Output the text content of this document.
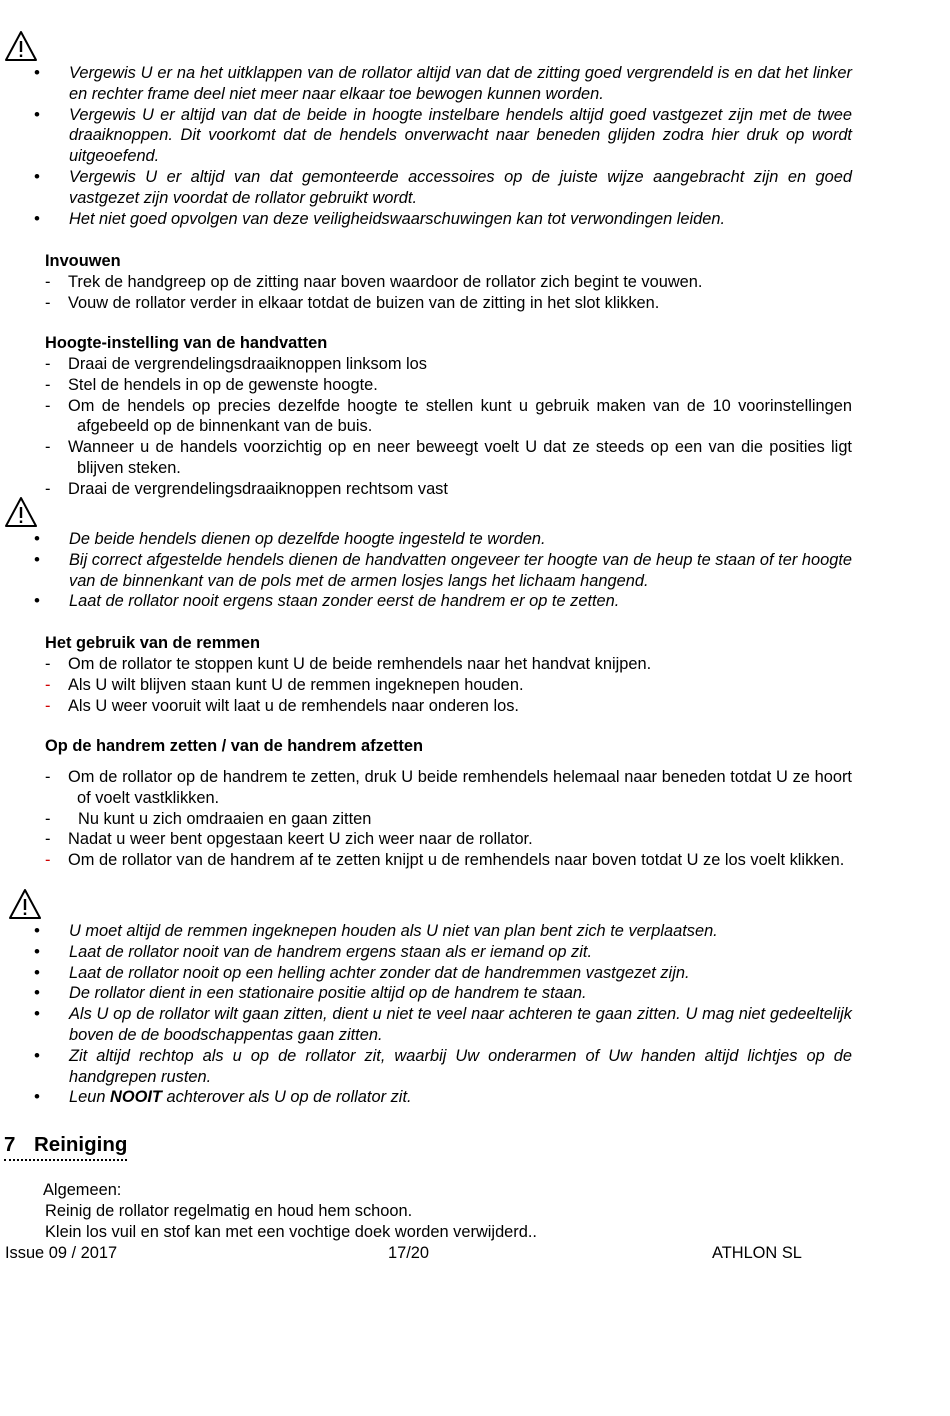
• Vergewis U er na het uitklappen van de rollator altijd van dat de zitting goed vergrendeld is en dat het linker en rechter frame deel niet meer naar elkaar toe bewogen kunnen worden.
• Vergewis U er altijd van dat de beide in hoogte instelbare hendels altijd goed vastgezet zijn met de twee draaiknoppen. Dit voorkomt dat de hendels onverwacht naar beneden glijden zodra hier druk op wordt uitgeoefend.
• Vergewis U er altijd van dat gemonteerde accessoires op de juiste wijze aangebracht zijn en goed vastgezet zijn voordat de rollator gebruikt wordt.
• Het niet goed opvolgen van deze veiligheidswaarschuwingen kan tot verwondingen leiden.
Invouwen
-	Trek de handgreep op de zitting naar boven waardoor de rollator zich begint te vouwen.
-	Vouw de rollator verder in elkaar totdat de buizen van de zitting in het slot klikken.
Hoogte-instelling van de handvatten
-	Draai de vergrendelingsdraaiknoppen linksom los
-	Stel de hendels in op de gewenste hoogte.
-	Om de hendels op precies dezelfde hoogte te stellen kunt u gebruik maken van de 10 voorinstellingen afgebeeld op de binnenkant van de buis.
-	Wanneer u de handels voorzichtig op en neer beweegt voelt U dat ze steeds op een van die posities ligt blijven steken.
-	Draai de vergrendelingsdraaiknoppen rechtsom vast
• De beide hendels dienen op dezelfde hoogte ingesteld te worden.
• Bij correct afgestelde hendels dienen de handvatten ongeveer ter hoogte van de heup te staan of ter hoogte van de binnenkant van de pols met de armen losjes langs het lichaam hangend.
• Laat de rollator nooit ergens staan zonder eerst de handrem er op te zetten.
Het gebruik van de remmen
-	Om de rollator te stoppen kunt U de beide remhendels naar het handvat knijpen.
-	Als U wilt blijven staan kunt U de remmen ingeknepen houden.
-	Als U weer vooruit wilt laat u de remhendels naar onderen los.
Op de handrem zetten / van de handrem afzetten
-	Om de rollator op de handrem te zetten, druk U beide remhendels helemaal naar beneden totdat U ze hoort of voelt vastklikken.
-	Nu kunt u zich omdraaien en gaan zitten
-	Nadat u weer bent opgestaan keert U zich weer naar de rollator.
-	Om de rollator van de handrem af te zetten knijpt u de remhendels naar boven totdat U ze los voelt klikken.
• U moet altijd de remmen ingeknepen houden als U niet van plan bent zich te verplaatsen.
• Laat de rollator nooit van de handrem ergens staan als er iemand op zit.
• Laat de rollator nooit op een helling achter zonder dat de handremmen vastgezet zijn.
• De rollator dient in een stationaire positie altijd op de handrem te staan.
• Als U op de rollator wilt gaan zitten, dient u niet te veel naar achteren te gaan zitten. U mag niet gedeeltelijk boven de de boodschappentas gaan zitten.
• Zit altijd rechtop als u op de rollator zit, waarbij Uw onderarmen of Uw handen altijd lichtjes op de handgrepen rusten.
• Leun NOOIT achterover als U op de rollator zit.
7 Reiniging
Algemeen:
Reinig de rollator regelmatig en houd hem schoon.
Klein los vuil en stof kan met een vochtige doek worden verwijderd..
Issue 09 / 2017	17/20	ATHLON SL
